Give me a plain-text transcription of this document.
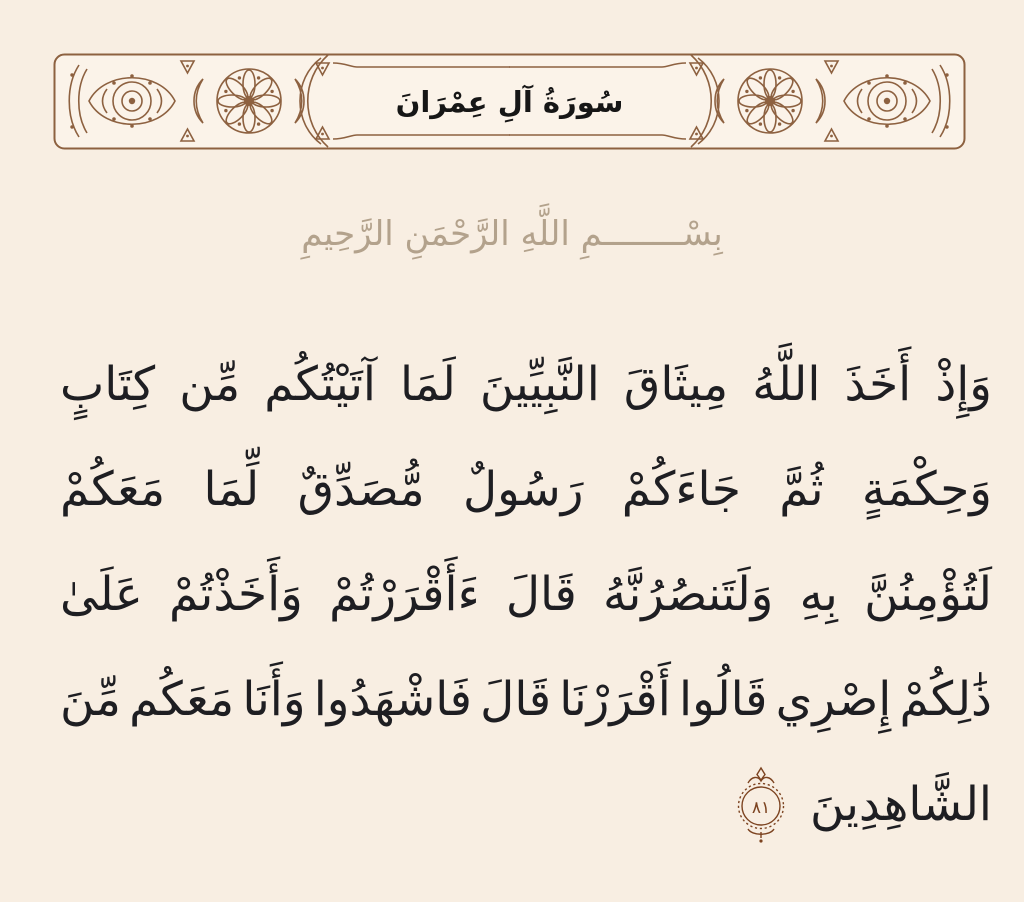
سُورَةُ آلِ عِمْرَانَ
بِسْــــــــمِ اللَّهِ الرَّحْمَنِ الرَّحِيمِ
وَإِذْ
أَخَذَ
اللَّهُ
مِيثَاقَ
النَّبِيِّينَ
لَمَا
آتَيْتُكُم
مِّن
كِتَابٍ
وَحِكْمَةٍ
ثُمَّ
جَاءَكُمْ
رَسُولٌ
مُّصَدِّقٌ
لِّمَا
مَعَكُمْ
لَتُؤْمِنُنَّ
بِهِ
وَلَتَنصُرُنَّهُ
قَالَ
ءَأَقْرَرْتُمْ
وَأَخَذْتُمْ
عَلَىٰ
ذَٰلِكُمْ
إِصْرِي
قَالُوا
أَقْرَرْنَا
قَالَ
فَاشْهَدُوا
وَأَنَا
مَعَكُم
مِّنَ
الشَّاهِدِينَ
٨١
